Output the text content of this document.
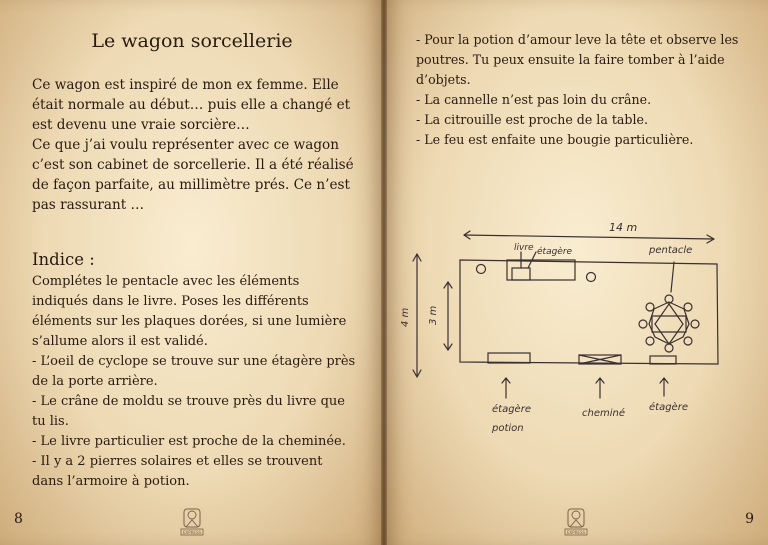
Le wagon sorcellerie

Ce wagon est inspiré de mon ex femme. Elle était normale au début… puis elle a changé et est devenu une vraie sorcière…

Ce que j’ai voulu représenter avec ce wagon c’est son cabinet de sorcellerie. Il a été réalisé de façon parfaite, au millimètre prés. Ce n’est pas rassurant …

Indice :

Complétes le pentacle avec les éléments indiqués dans le livre. Poses les différents éléments sur les plaques dorées, si une lumière s’allume alors il est validé.

- L’oeil de cyclope se trouve sur une étagère près de la porte arrière.

- Le crâne de moldu se trouve près du livre que tu lis.

- Le livre particulier est proche de la cheminée.

- Il y a 2 pierres solaires et elles se trouvent dans l’armoire à potion.

8
EXPRESS

- Pour la potion d’amour leve la tête et observe les poutres. Tu peux ensuite la faire tomber à l’aide d’objets.

- La cannelle n’est pas loin du crâne.

- La citrouille est proche de la table.

- Le feu est enfaite une bougie particulière.

14 m
4 m 3 m
livre étagère	pentacle
étagère
potion
cheminé
étagère
9
EXPRESS
